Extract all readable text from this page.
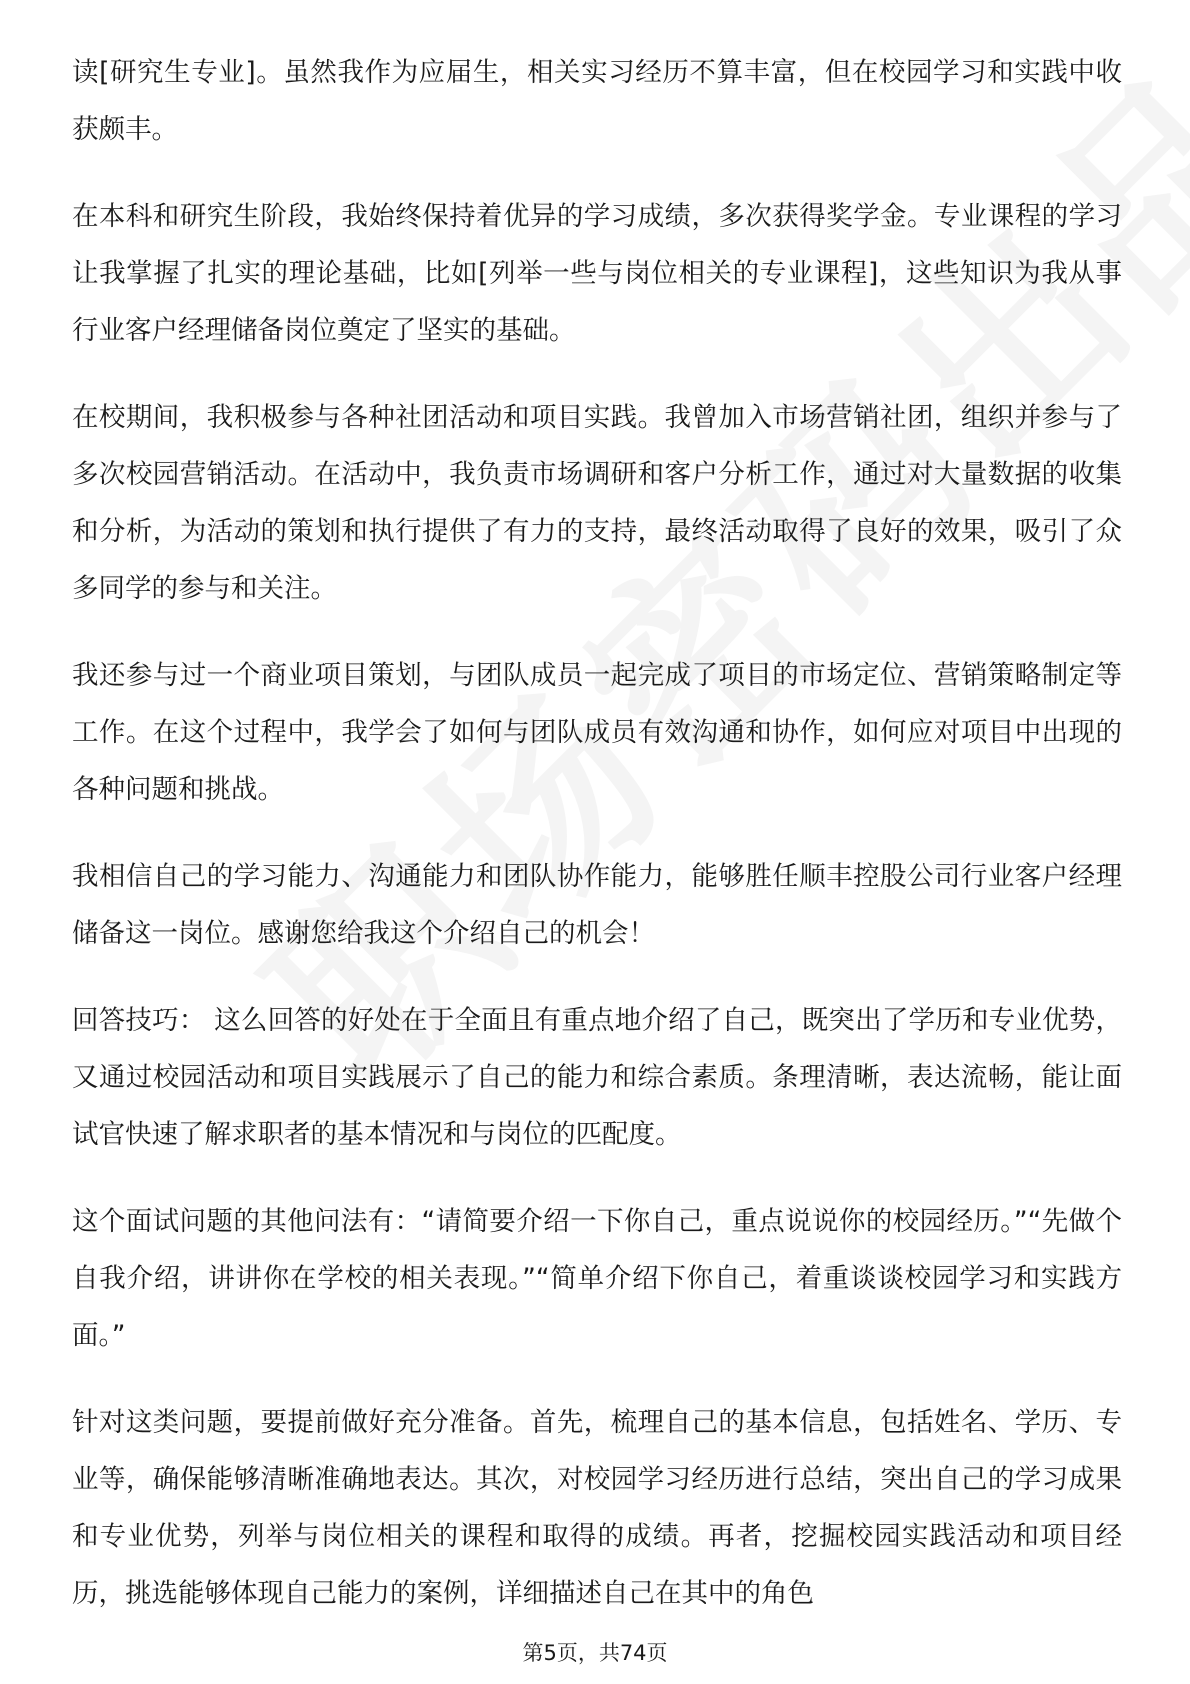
读[研究生专业]。虽然我作为应届生，相关实习经历不算丰富，但在校园学习和实践中收获颇丰。

在本科和研究生阶段，我始终保持着优异的学习成绩，多次获得奖学金。专业课程的学习让我掌握了扎实的理论基础，比如[列举一些与岗位相关的专业课程]，这些知识为我从事行业客户经理储备岗位奠定了坚实的基础。

在校期间，我积极参与各种社团活动和项目实践。我曾加入市场营销社团，组织并参与了多次校园营销活动。在活动中，我负责市场调研和客户分析工作，通过对大量数据的收集和分析，为活动的策划和执行提供了有力的支持，最终活动取得了良好的效果，吸引了众多同学的参与和关注。

我还参与过一个商业项目策划，与团队成员一起完成了项目的市场定位、营销策略制定等工作。在这个过程中，我学会了如何与团队成员有效沟通和协作，如何应对项目中出现的各种问题和挑战。

我相信自己的学习能力、沟通能力和团队协作能力，能够胜任顺丰控股公司行业客户经理储备这一岗位。感谢您给我这个介绍自己的机会！

回答技巧： 这么回答的好处在于全面且有重点地介绍了自己，既突出了学历和专业优势，又通过校园活动和项目实践展示了自己的能力和综合素质。条理清晰，表达流畅，能让面试官快速了解求职者的基本情况和与岗位的匹配度。

这个面试问题的其他问法有：“请简要介绍一下你自己，重点说说你的校园经历。”“先做个自我介绍，讲讲你在学校的相关表现。”“简单介绍下你自己，着重谈谈校园学习和实践方面。”

针对这类问题，要提前做好充分准备。首先，梳理自己的基本信息，包括姓名、学历、专业等，确保能够清晰准确地表达。其次，对校园学习经历进行总结，突出自己的学习成果和专业优势，列举与岗位相关的课程和取得的成绩。再者，挖掘校园实践活动和项目经历，挑选能够体现自己能力的案例，详细描述自己在其中的角色

第5页，共74页
